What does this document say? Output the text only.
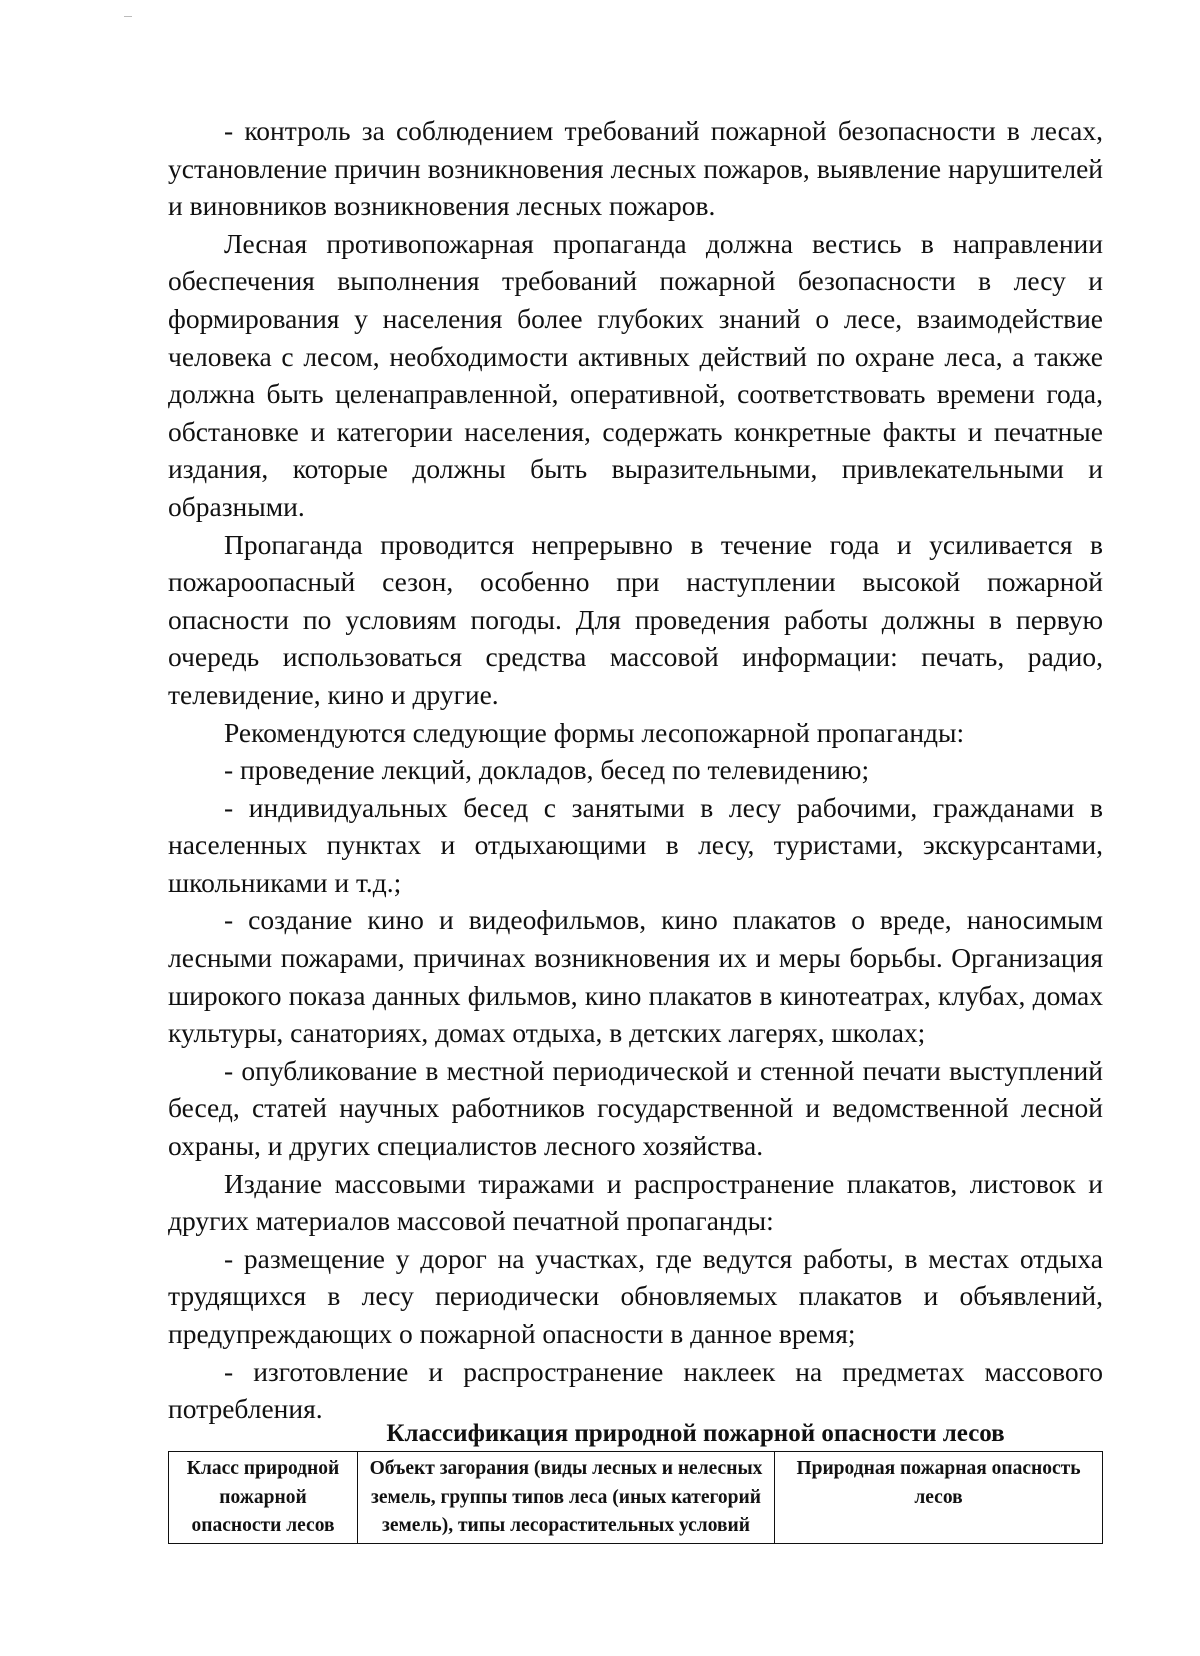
- контроль за соблюдением требований пожарной безопасности в лесах, установление причин возникновения лесных пожаров, выявление нарушителей и виновников возникновения лесных пожаров.

Лесная противопожарная пропаганда должна вестись в направлении обеспечения выполнения требований пожарной безопасности в лесу и формирования у населения более глубоких знаний о лесе, взаимодействие человека с лесом, необходимости активных действий по охране леса, а также должна быть целенаправленной, оперативной, соответствовать времени года, обстановке и категории населения, содержать конкретные факты и печатные издания, которые должны быть выразительными, привлекательными и образными.

Пропаганда проводится непрерывно в течение года и усиливается в пожароопасный сезон, особенно при наступлении высокой пожарной опасности по условиям погоды. Для проведения работы должны в первую очередь использоваться средства массовой информации: печать, радио, телевидение, кино и другие.

Рекомендуются следующие формы лесопожарной пропаганды:

- проведение лекций, докладов, бесед по телевидению;

- индивидуальных бесед с занятыми в лесу рабочими, гражданами в населенных пунктах и отдыхающими в лесу, туристами, экскурсантами, школьниками и т.д.;

- создание кино и видеофильмов, кино плакатов о вреде, наносимым лесными пожарами, причинах возникновения их и меры борьбы. Организация широкого показа данных фильмов, кино плакатов в кинотеатрах, клубах, домах культуры, санаториях, домах отдыха, в детских лагерях, школах;

- опубликование в местной периодической и стенной печати выступлений бесед, статей научных работников государственной и ведомственной лесной охраны, и других специалистов лесного хозяйства.

Издание массовыми тиражами и распространение плакатов, листовок и других материалов массовой печатной пропаганды:

- размещение у дорог на участках, где ведутся работы, в местах отдыха трудящихся в лесу периодически обновляемых плакатов и объявлений, предупреждающих о пожарной опасности в данное время;

- изготовление и распространение наклеек на предметах массового потребления.

Классификация природной пожарной опасности лесов
Класс природной пожарной опасности лесов	Объект загорания (виды лесных и нелесных земель, группы типов леса (иных категорий земель), типы лесорастительных условий	Природная пожарная опасность лесов
